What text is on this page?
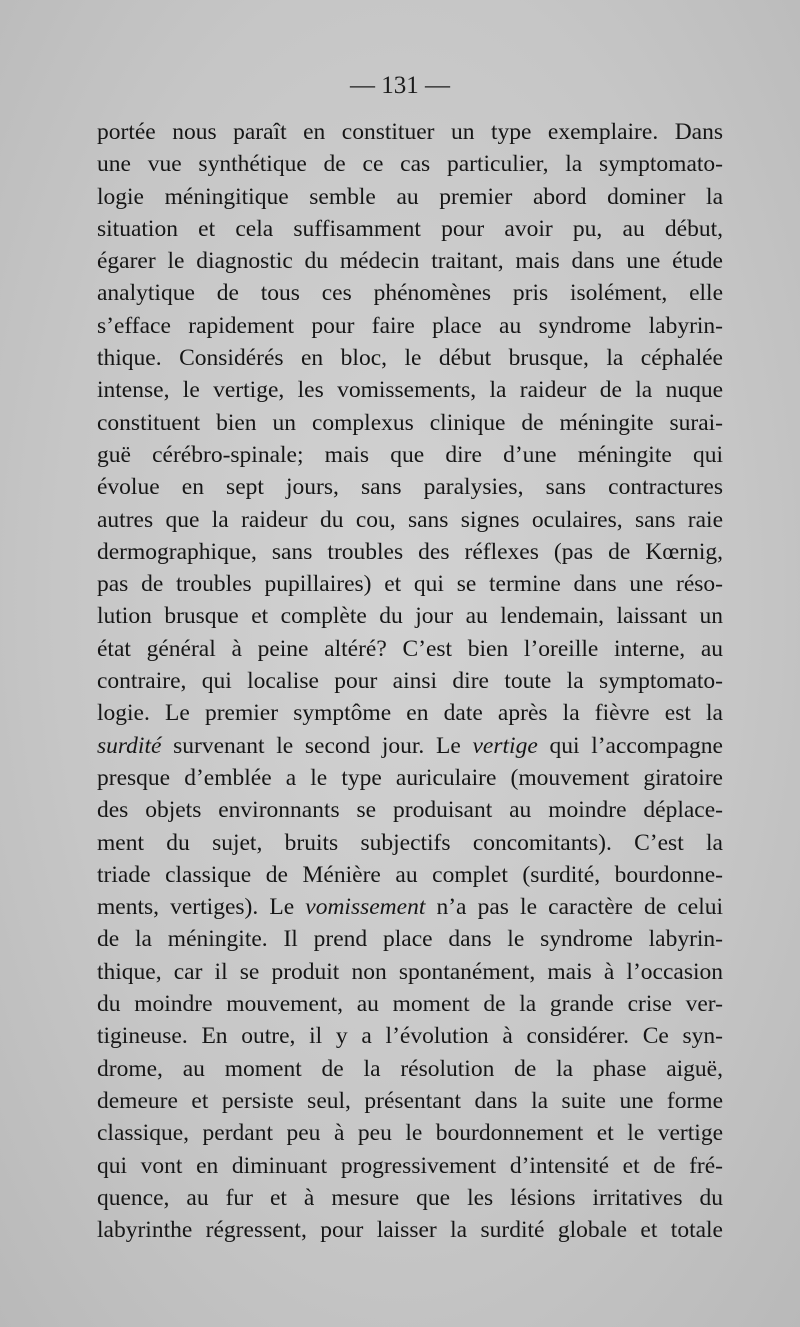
— 131 —
portée nous paraît en constituer un type exemplaire. Dans
une vue synthétique de ce cas particulier, la symptomato-
logie méningitique semble au premier abord dominer la
situation et cela suffisamment pour avoir pu, au début,
égarer le diagnostic du médecin traitant, mais dans une étude
analytique de tous ces phénomènes pris isolément, elle
s’efface rapidement pour faire place au syndrome labyrin-
thique. Considérés en bloc, le début brusque, la céphalée
intense, le vertige, les vomissements, la raideur de la nuque
constituent bien un complexus clinique de méningite surai-
guë cérébro-spinale; mais que dire d’une méningite qui
évolue en sept jours, sans paralysies, sans contractures
autres que la raideur du cou, sans signes oculaires, sans raie
dermographique, sans troubles des réflexes (pas de Kœrnig,
pas de troubles pupillaires) et qui se termine dans une réso-
lution brusque et complète du jour au lendemain, laissant un
état général à peine altéré? C’est bien l’oreille interne, au
contraire, qui localise pour ainsi dire toute la symptomato-
logie. Le premier symptôme en date après la fièvre est la
surdité survenant le second jour. Le vertige qui l’accompagne
presque d’emblée a le type auriculaire (mouvement giratoire
des objets environnants se produisant au moindre déplace-
ment du sujet, bruits subjectifs concomitants). C’est la
triade classique de Ménière au complet (surdité, bourdonne-
ments, vertiges). Le vomissement n’a pas le caractère de celui
de la méningite. Il prend place dans le syndrome labyrin-
thique, car il se produit non spontanément, mais à l’occasion
du moindre mouvement, au moment de la grande crise ver-
tigineuse. En outre, il y a l’évolution à considérer. Ce syn-
drome, au moment de la résolution de la phase aiguë,
demeure et persiste seul, présentant dans la suite une forme
classique, perdant peu à peu le bourdonnement et le vertige
qui vont en diminuant progressivement d’intensité et de fré-
quence, au fur et à mesure que les lésions irritatives du
labyrinthe régressent, pour laisser la surdité globale et totale
